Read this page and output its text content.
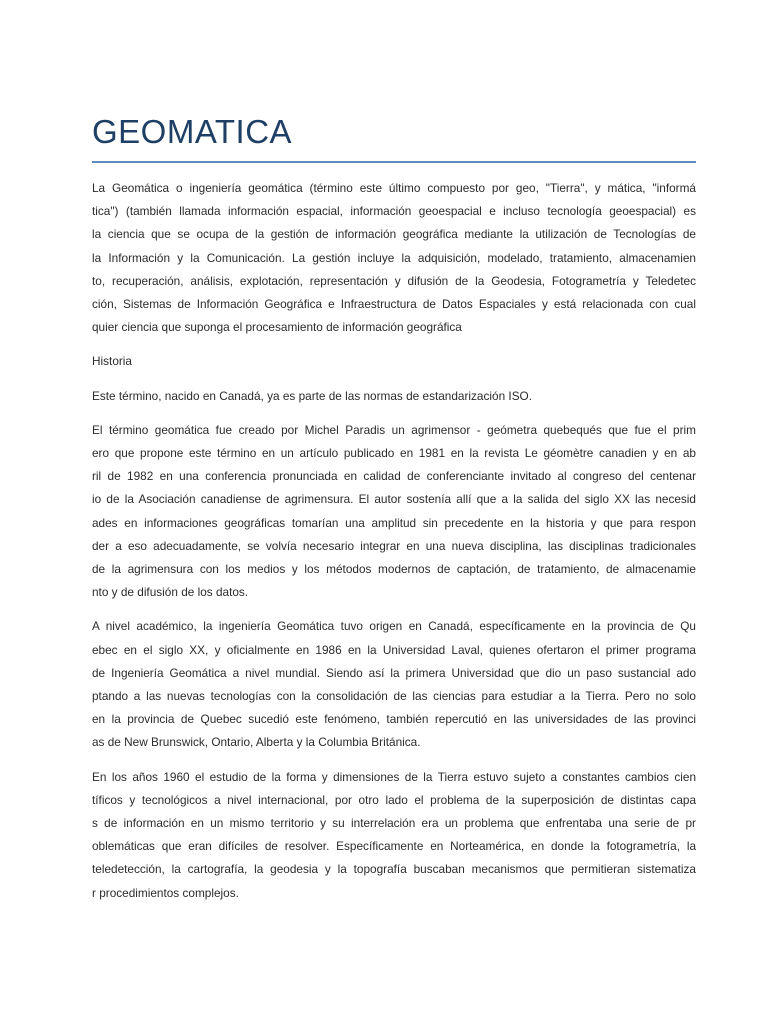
GEOMATICA

La Geomática o ingeniería geomática (término este último compuesto por geo, "Tierra", y mática, "informá
tica") (también llamada información espacial, información geoespacial e incluso tecnología geoespacial) es
la ciencia que se ocupa de la gestión de información geográfica mediante la utilización de Tecnologías de
la Información y la Comunicación. La gestión incluye la adquisición, modelado, tratamiento, almacenamien
to, recuperación, análisis, explotación, representación y difusión de la Geodesia, Fotogrametría y Teledetec
ción, Sistemas de Información Geográfica e Infraestructura de Datos Espaciales y está relacionada con cual
quier ciencia que suponga el procesamiento de información geográfica

Historia

Este término, nacido en Canadá, ya es parte de las normas de estandarización ISO.

El término geomática fue creado por Michel Paradis un agrimensor - geómetra quebequés que fue el prim
ero que propone este término en un artículo publicado en 1981 en la revista Le géomètre canadien y en ab
ril de 1982 en una conferencia pronunciada en calidad de conferenciante invitado al congreso del centenar
io de la Asociación canadiense de agrimensura. El autor sostenía allí que a la salida del siglo XX las necesid
ades en informaciones geográficas tomarían una amplitud sin precedente en la historia y que para respon
der a eso adecuadamente, se volvía necesario integrar en una nueva disciplina, las disciplinas tradicionales
de la agrimensura con los medios y los métodos modernos de captación, de tratamiento, de almacenamie
nto y de difusión de los datos.

A nivel académico, la ingeniería Geomática tuvo origen en Canadá, específicamente en la provincia de Qu
ebec en el siglo XX, y oficialmente en 1986 en la Universidad Laval, quienes ofertaron el primer programa
de Ingeniería Geomática a nivel mundial. Siendo así la primera Universidad que dio un paso sustancial ado
ptando a las nuevas tecnologías con la consolidación de las ciencias para estudiar a la Tierra. Pero no solo
en la provincia de Quebec sucedió este fenómeno, también repercutió en las universidades de las provinci
as de New Brunswick, Ontario, Alberta y la Columbia Británica.

En los años 1960 el estudio de la forma y dimensiones de la Tierra estuvo sujeto a constantes cambios cien
tíficos y tecnológicos a nivel internacional, por otro lado el problema de la superposición de distintas capa
s de información en un mismo territorio y su interrelación era un problema que enfrentaba una serie de pr
oblemáticas que eran difíciles de resolver. Específicamente en Norteamérica, en donde la fotogrametría, la
teledetección, la cartografía, la geodesia y la topografía buscaban mecanismos que permitieran sistematiza
r procedimientos complejos.
